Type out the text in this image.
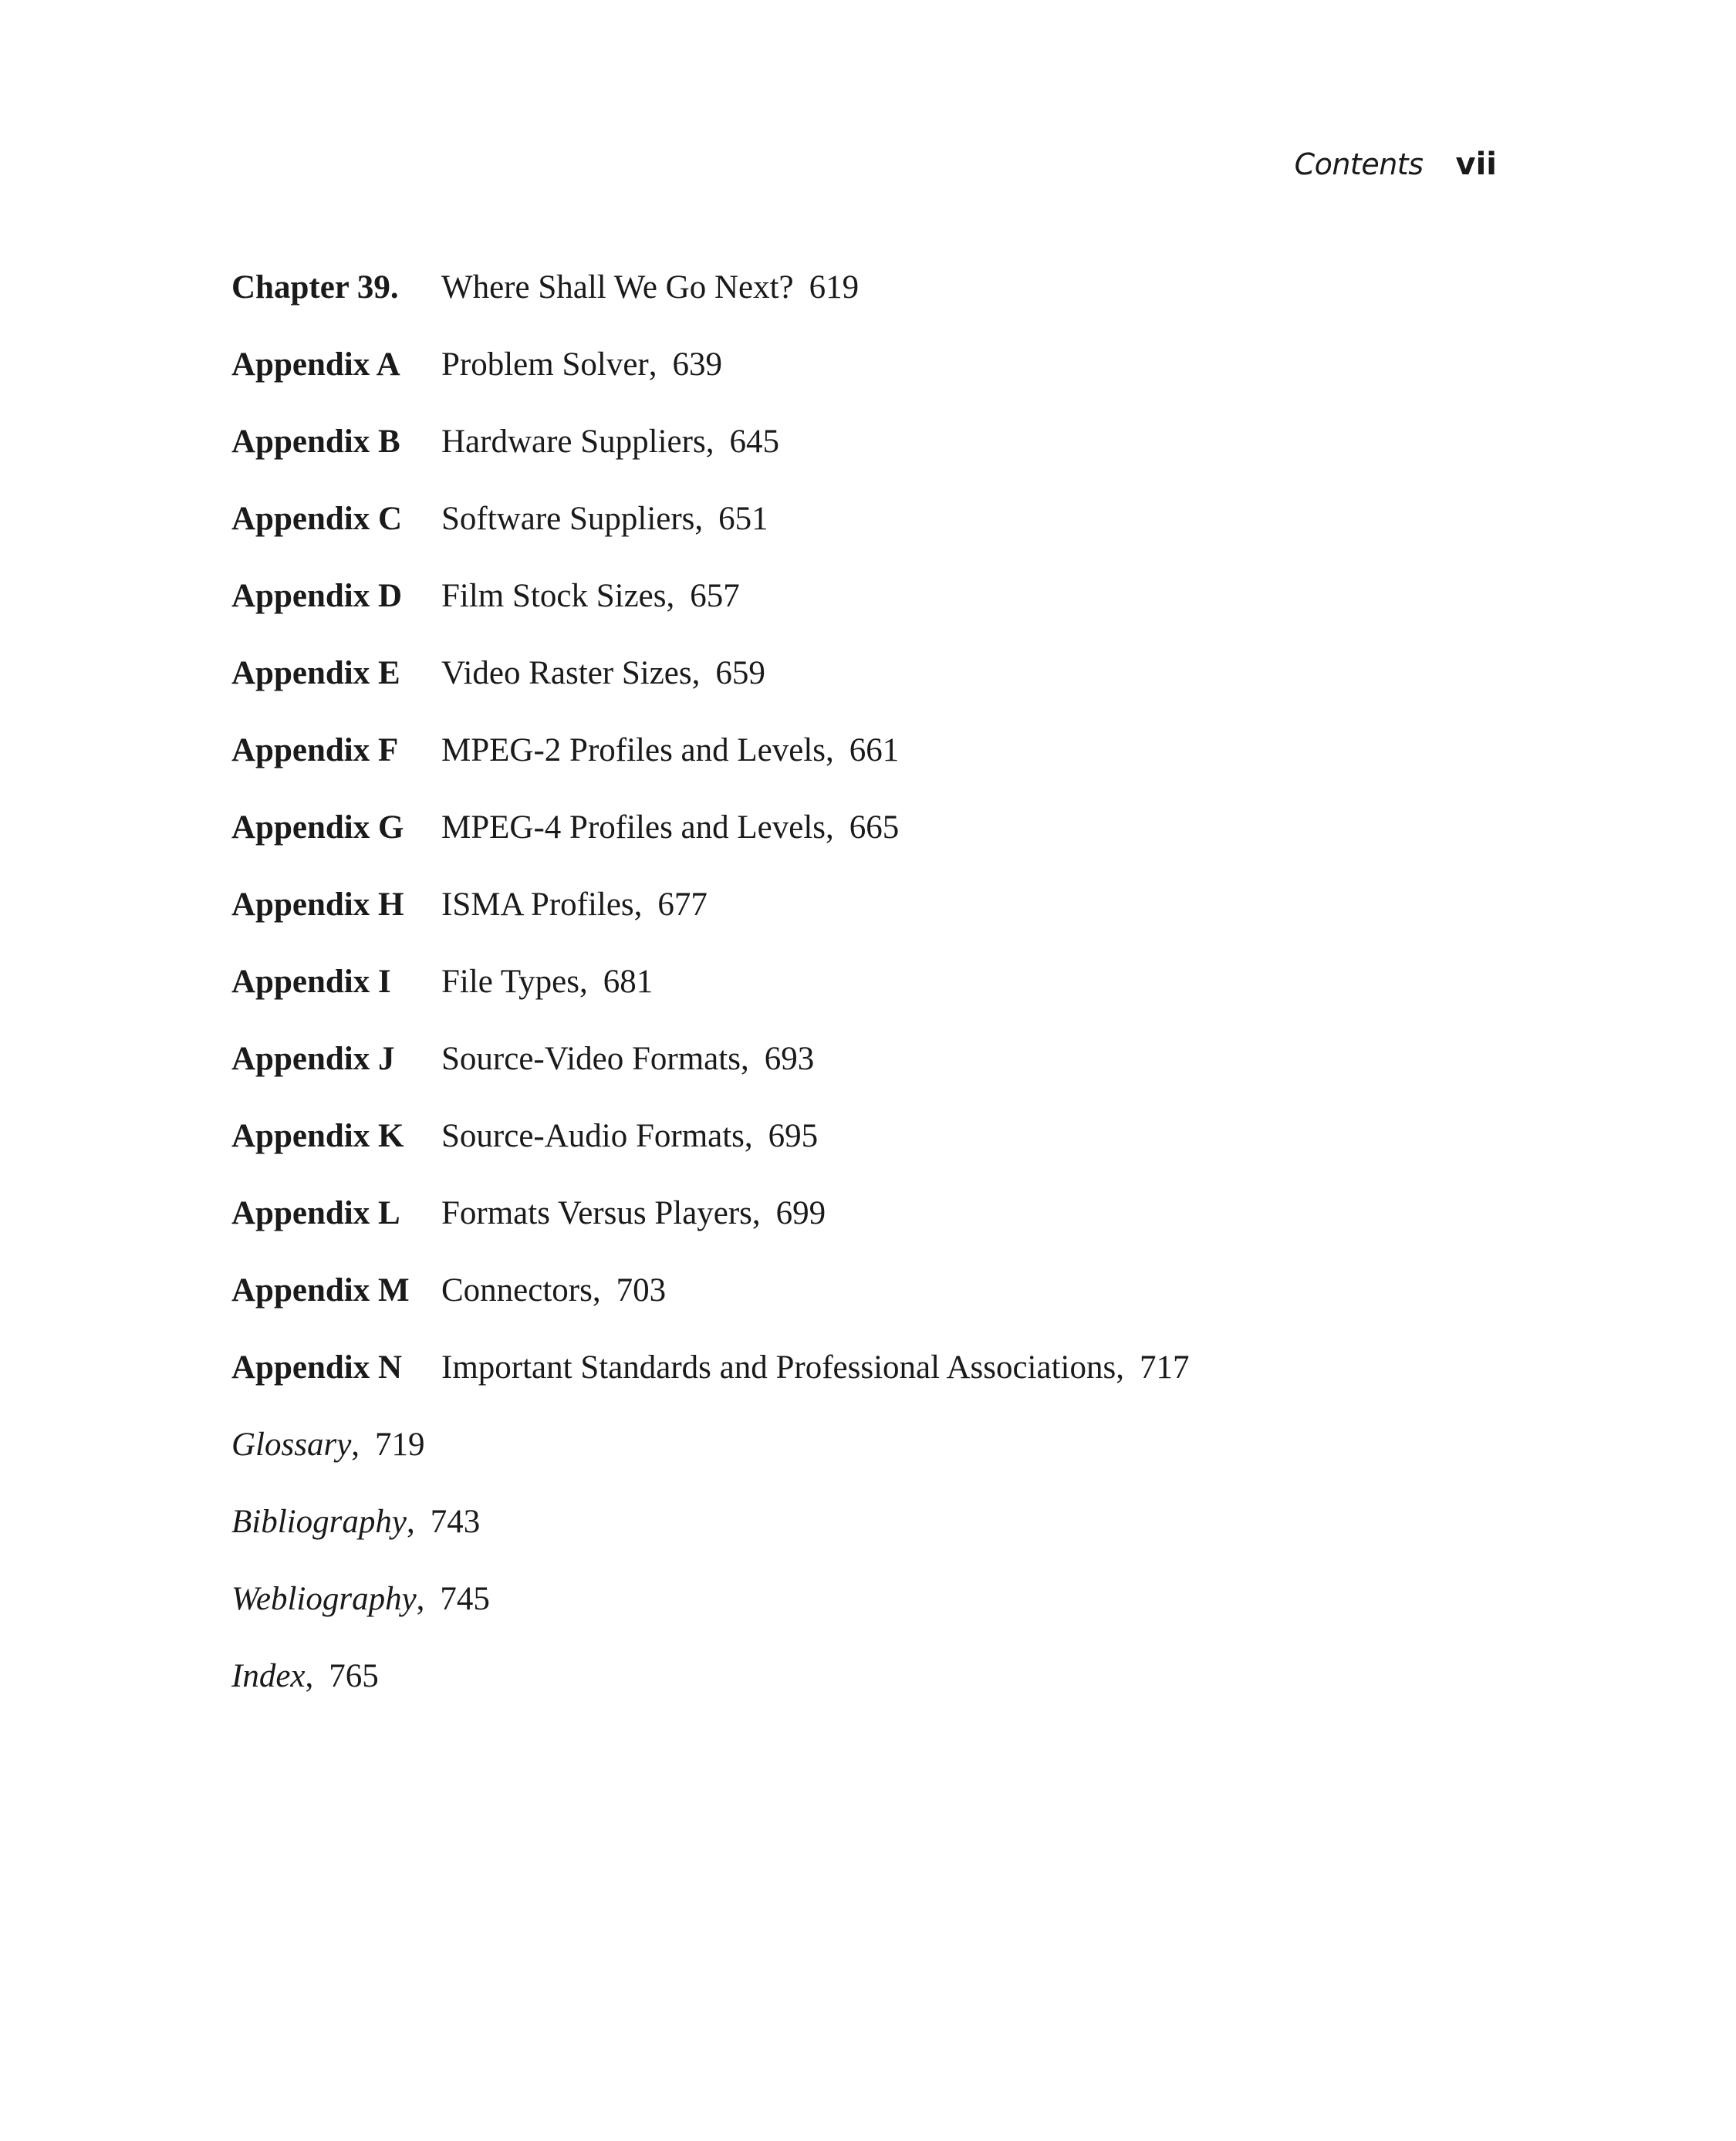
Contents vii
Chapter 39.	Where Shall We Go Next? 619
Appendix A	Problem Solver , 639
Appendix B	Hardware Suppliers , 645
Appendix C	Software Suppliers , 651
Appendix D	Film Stock Sizes , 657
Appendix E	Video Raster Sizes , 659
Appendix F	MPEG-2 Profiles and Levels , 661
Appendix G	MPEG-4 Profiles and Levels , 665
Appendix H	ISMA Profiles , 677
Appendix I	File Types , 681
Appendix J	Source-Video Formats , 693
Appendix K	Source-Audio Formats , 695
Appendix L	Formats Versus Players , 699
Appendix M Connectors , 703
Appendix N	Important Standards and Professional Associations , 717
Glossary , 719
Bibliography , 743
Webliography , 745
Index , 765
